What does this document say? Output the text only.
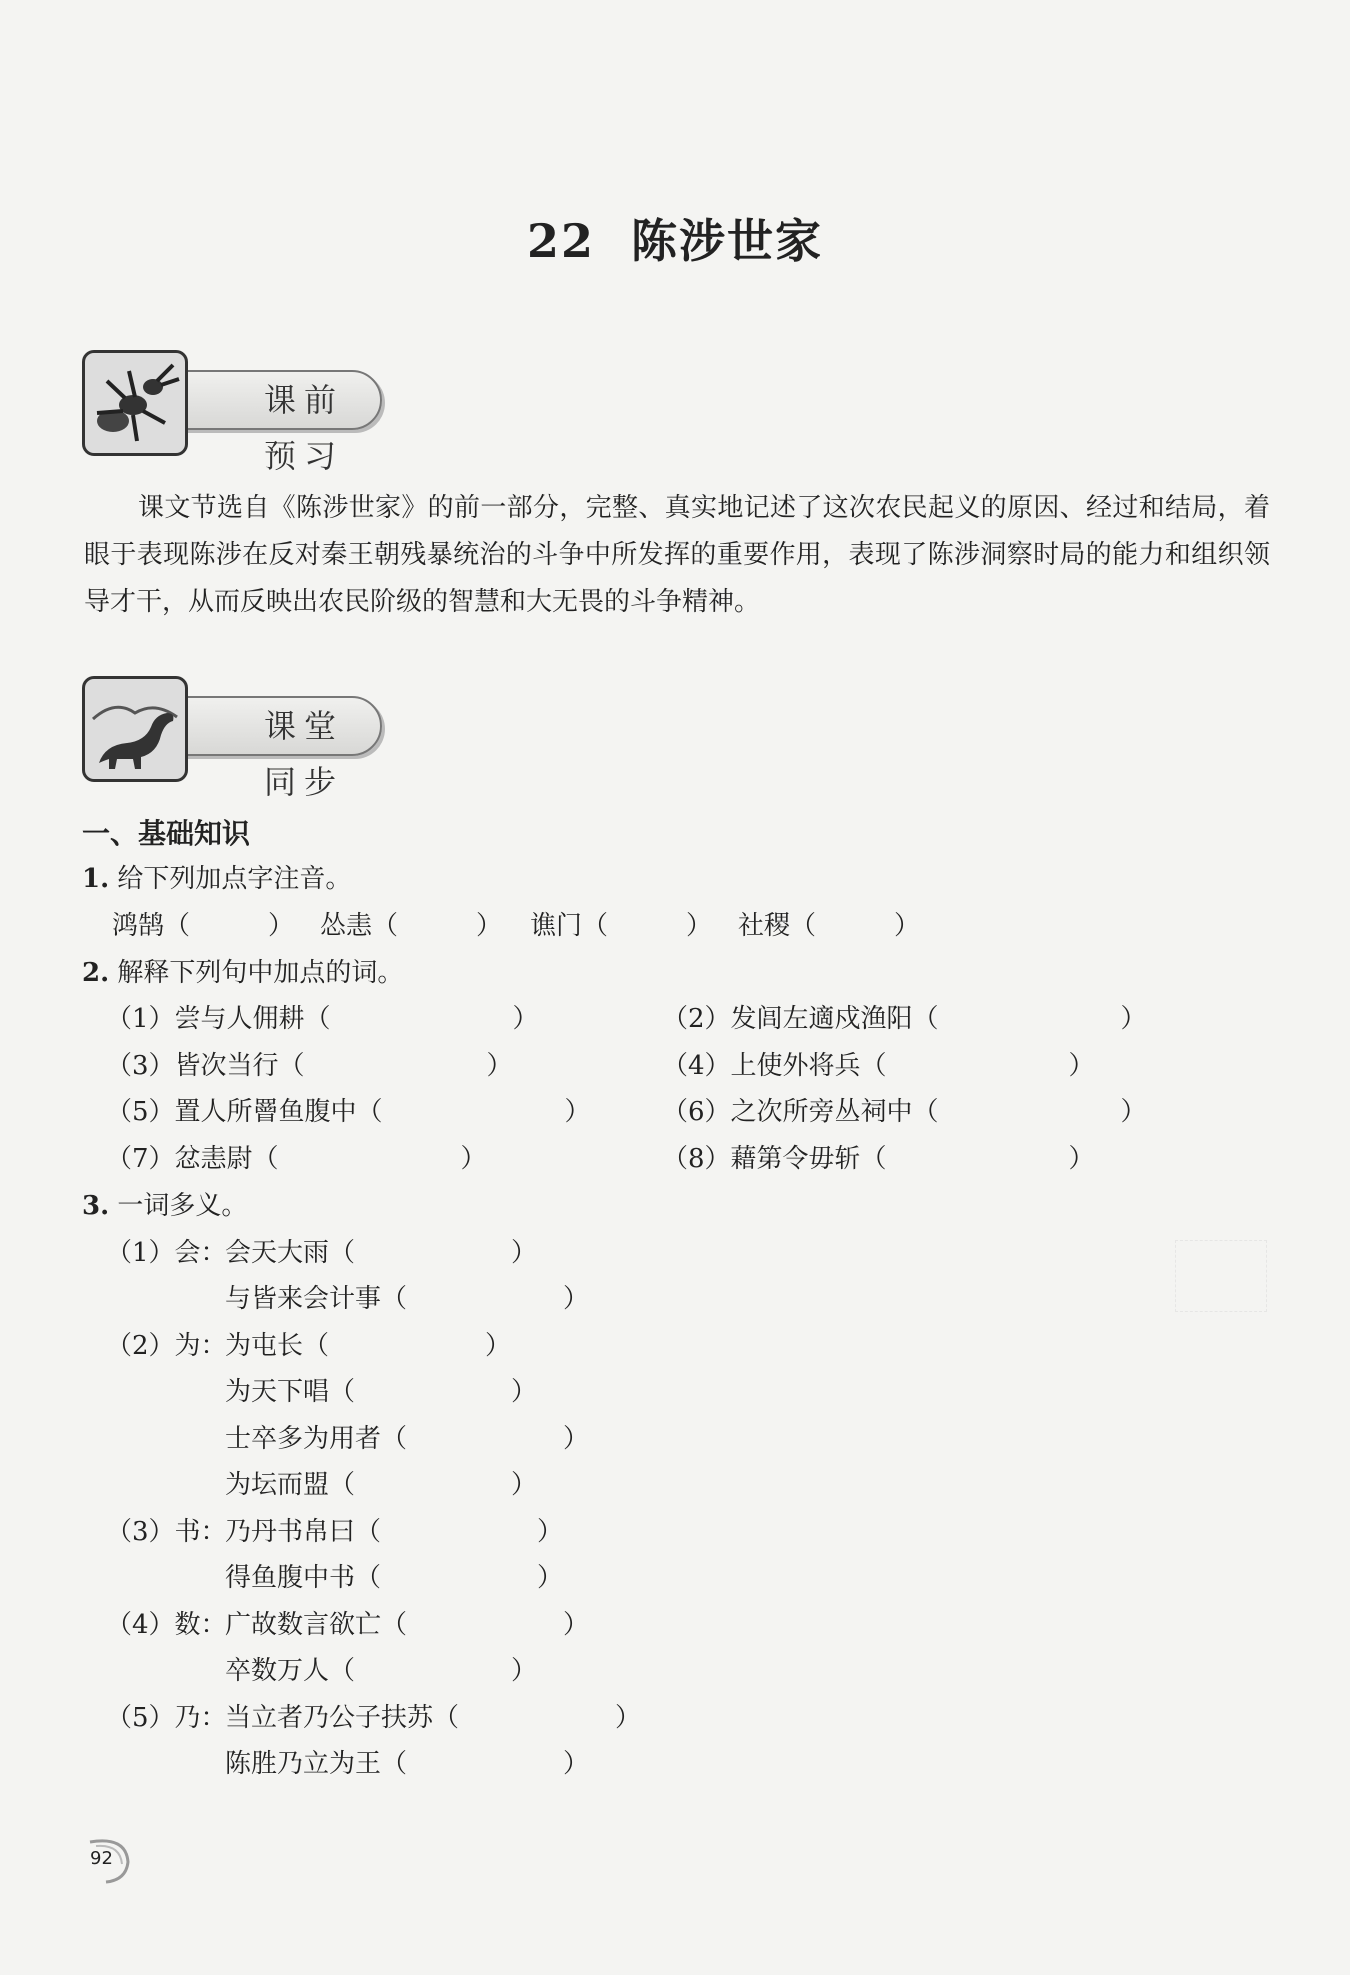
22 陈涉世家
课前预习
课文节选自《陈涉世家》的前一部分，完整、真实地记述了这次农民起义的原因、经过和结局，着眼于表现陈涉在反对秦王朝残暴统治的斗争中所发挥的重要作用，表现了陈涉洞察时局的能力和组织领导才干，从而反映出农民阶级的智慧和大无畏的斗争精神。
课堂同步
一、基础知识
1. 给下列加点字注音。
鸿鹄（　　　） 怂恚（　　　） 谯门（　　　） 社稷（　　　）
2. 解释下列句中加点的词。
（1）尝与人佣耕（　　　　　　　）	（2）发闾左適戍渔阳（　　　　　　　）
（3）皆次当行（　　　　　　　）	（4）上使外将兵（　　　　　　　）
（5）置人所罾鱼腹中（　　　　　　　）	（6）之次所旁丛祠中（　　　　　　　）
（7）忿恚尉（　　　　　　　）	（8）藉第令毋斩（　　　　　　　）
3. 一词多义。
（1）会：
会天大雨（　　　　　　）
与皆来会计事（　　　　　　）
（2）为：
为屯长（　　　　　　）
为天下唱（　　　　　　）
士卒多为用者（　　　　　　）
为坛而盟（　　　　　　）
（3）书：
乃丹书帛曰（　　　　　　）
得鱼腹中书（　　　　　　）
（4）数：
广故数言欲亡（　　　　　　）
卒数万人（　　　　　　）
（5）乃：
当立者乃公子扶苏（　　　　　　）
陈胜乃立为王（　　　　　　）
92
